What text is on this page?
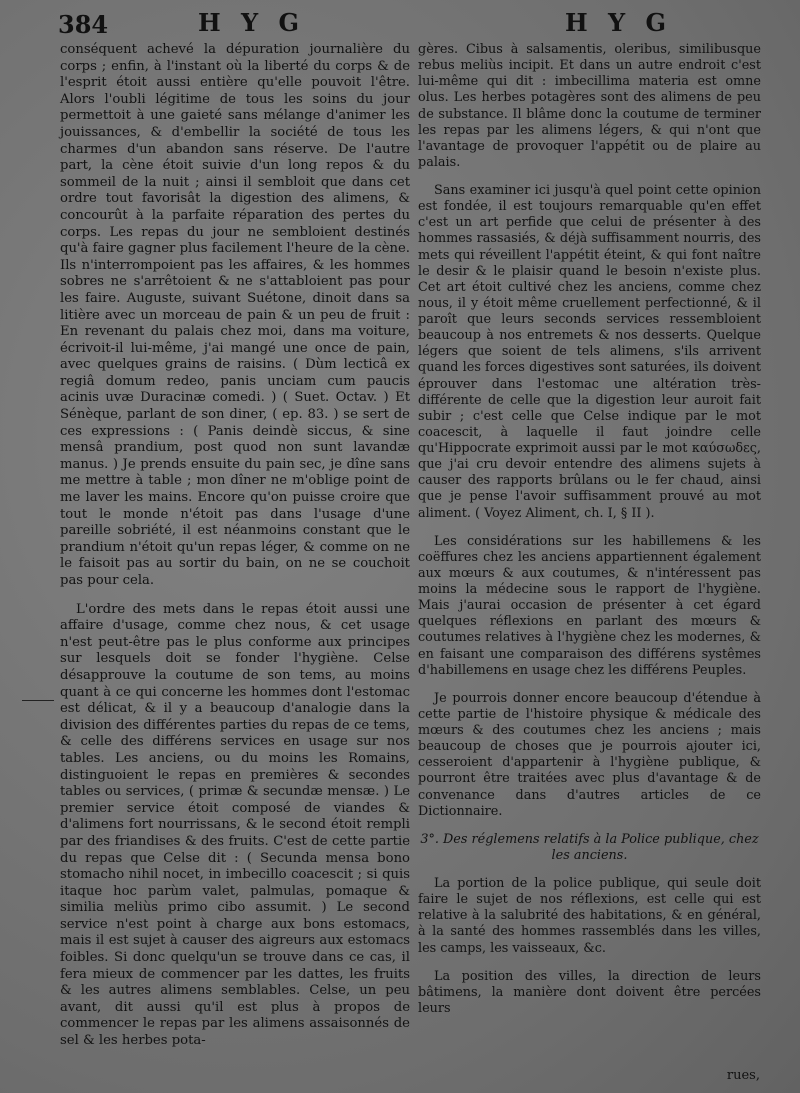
384	H Y G	H Y G

conséquent achevé la dépuration journalière du corps ; enfin, à l'instant où la liberté du corps & de l'esprit étoit aussi entière qu'elle pouvoit l'être. Alors l'oubli légitime de tous les soins du jour permettoit à une gaieté sans mélange d'animer les jouissances, & d'embellir la société de tous les charmes d'un abandon sans réserve. De l'autre part, la cène étoit suivie d'un long repos & du sommeil de la nuit ; ainsi il sembloit que dans cet ordre tout favorisât la digestion des alimens, & concourût à la parfaite réparation des pertes du corps. Les repas du jour ne sembloient destinés qu'à faire gagner plus facilement l'heure de la cène. Ils n'interrompoient pas les affaires, & les hommes sobres ne s'arrêtoient & ne s'attabloient pas pour les faire. Auguste, suivant Suétone, dinoit dans sa litière avec un morceau de pain & un peu de fruit : En revenant du palais chez moi, dans ma voiture, écrivoit-il lui-même, j'ai mangé une once de pain, avec quelques grains de raisins. ( Dùm lecticâ ex regiâ domum redeo, panis unciam cum paucis acinis uvæ Duracinæ comedi. ) ( Suet. Octav. ) Et Sénèque, parlant de son diner, ( ep. 83. ) se sert de ces expressions : ( Panis deindè siccus, & sine mensâ prandium, post quod non sunt lavandæ manus. ) Je prends ensuite du pain sec, je dîne sans me mettre à table ; mon dîner ne m'oblige point de me laver les mains. Encore qu'on puisse croire que tout le monde n'étoit pas dans l'usage d'une pareille sobriété, il est néanmoins constant que le prandium n'étoit qu'un repas léger, & comme on ne le faisoit pas au sortir du bain, on ne se couchoit pas pour cela.

L'ordre des mets dans le repas étoit aussi une affaire d'usage, comme chez nous, & cet usage n'est peut-être pas le plus conforme aux principes sur lesquels doit se fonder l'hygiène. Celse désapprouve la coutume de son tems, au moins quant à ce qui concerne les hommes dont l'estomac est délicat, & il y a beaucoup d'analogie dans la division des différentes parties du repas de ce tems, & celle des différens services en usage sur nos tables. Les anciens, ou du moins les Romains, distinguoient le repas en premières & secondes tables ou services, ( primæ & secundæ mensæ. ) Le premier service étoit composé de viandes & d'alimens fort nourrissans, & le second étoit rempli par des friandises & des fruits. C'est de cette partie du repas que Celse dit : ( Secunda mensa bono stomacho nihil nocet, in imbecillo coacescit ; si quis itaque hoc parùm valet, palmulas, pomaque & similia meliùs primo cibo assumit. ) Le second service n'est point à charge aux bons estomacs, mais il est sujet à causer des aigreurs aux estomacs foibles. Si donc quelqu'un se trouve dans ce cas, il fera mieux de commencer par les dattes, les fruits & les autres alimens semblables. Celse, un peu avant, dit aussi qu'il est plus à propos de commencer le repas par les alimens assaisonnés de sel & les herbes pota-

gères. Cibus à salsamentis, oleribus, similibusque rebus meliùs incipit. Et dans un autre endroit c'est lui-même qui dit : imbecillima materia est omne olus. Les herbes potagères sont des alimens de peu de substance. Il blâme donc la coutume de terminer les repas par les alimens légers, & qui n'ont que l'avantage de provoquer l'appétit ou de plaire au palais.

Sans examiner ici jusqu'à quel point cette opinion est fondée, il est toujours remarquable qu'en effet c'est un art perfide que celui de présenter à des hommes rassasiés, & déjà suffisamment nourris, des mets qui réveillent l'appétit éteint, & qui font naître le desir & le plaisir quand le besoin n'existe plus. Cet art étoit cultivé chez les anciens, comme chez nous, il y étoit même cruellement perfectionné, & il paroît que leurs seconds services ressembloient beaucoup à nos entremets & nos desserts. Quelque légers que soient de tels alimens, s'ils arrivent quand les forces digestives sont saturées, ils doivent éprouver dans l'estomac une altération très-différente de celle que la digestion leur auroit fait subir ; c'est celle que Celse indique par le mot coacescit, à laquelle il faut joindre celle qu'Hippocrate exprimoit aussi par le mot καύσωδες, que j'ai cru devoir entendre des alimens sujets à causer des rapports brûlans ou le fer chaud, ainsi que je pense l'avoir suffisamment prouvé au mot aliment. ( Voyez Aliment, ch. I, § II ).

Les considérations sur les habillemens & les coëffures chez les anciens appartiennent également aux mœurs & aux coutumes, & n'intéressent pas moins la médecine sous le rapport de l'hygiène. Mais j'aurai occasion de présenter à cet égard quelques réflexions en parlant des mœurs & coutumes relatives à l'hygiène chez les modernes, & en faisant une comparaison des différens systêmes d'habillemens en usage chez les différens Peuples.

Je pourrois donner encore beaucoup d'étendue à cette partie de l'histoire physique & médicale des mœurs & des coutumes chez les anciens ; mais beaucoup de choses que je pourrois ajouter ici, cesseroient d'appartenir à l'hygiène publique, & pourront être traitées avec plus d'avantage & de convenance dans d'autres articles de ce Dictionnaire.

3°. Des réglemens relatifs à la Police publique, chez les anciens.

La portion de la police publique, qui seule doit faire le sujet de nos réflexions, est celle qui est relative à la salubrité des habitations, & en général, à la santé des hommes rassemblés dans les villes, les camps, les vaisseaux, &c.

La position des villes, la direction de leurs bâtimens, la manière dont doivent être percées leurs

rues,
